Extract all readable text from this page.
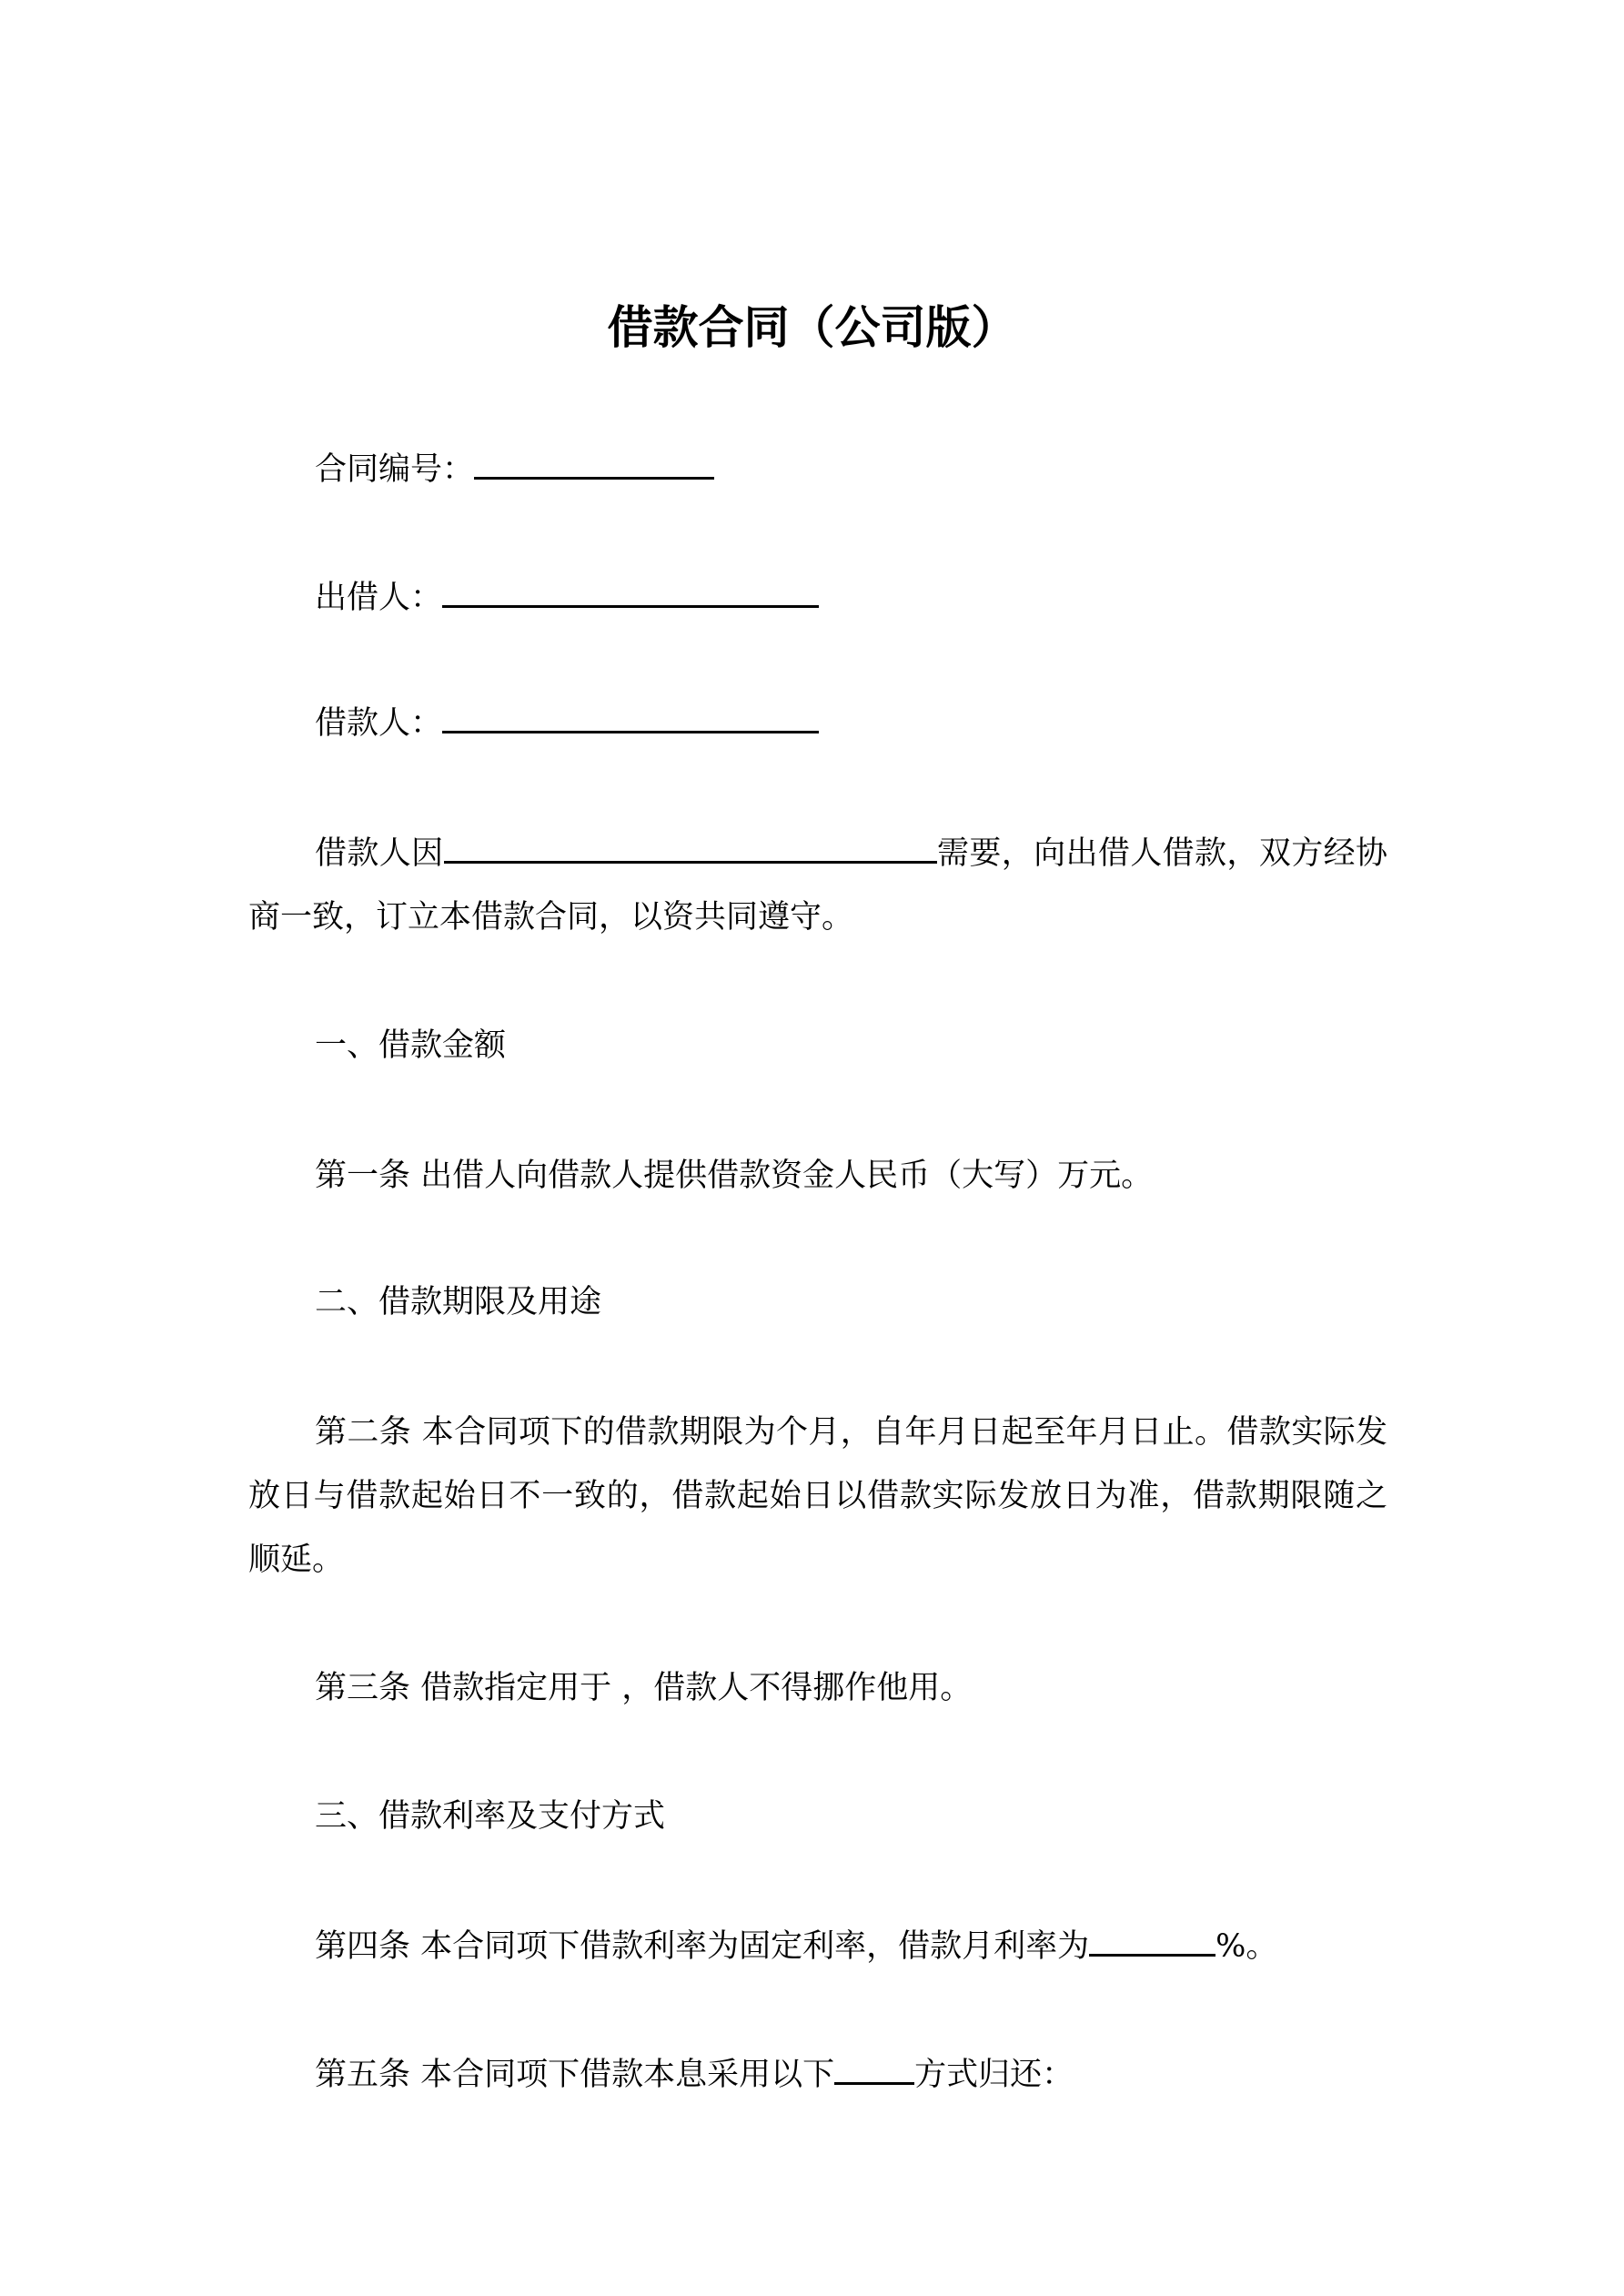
借款合同（公司版）

合同编号：

出借人：

借款人：

借款人因	需要，向出借人借款，双方经协商一致，订立本借款合同，以资共同遵守。

一、借款金额

第一条 出借人向借款人提供借款资金人民币（大写）万元。

二、借款期限及用途

第二条 本合同项下的借款期限为个月，自年月日起至年月日止。借款实际发放日与借款起始日不一致的，借款起始日以借款实际发放日为准，借款期限随之顺延。

第三条 借款指定用于 ，借款人不得挪作他用。

三、借款利率及支付方式

第四条 本合同项下借款利率为固定利率，借款月利率为	%。

第五条 本合同项下借款本息采用以下	方式归还：
